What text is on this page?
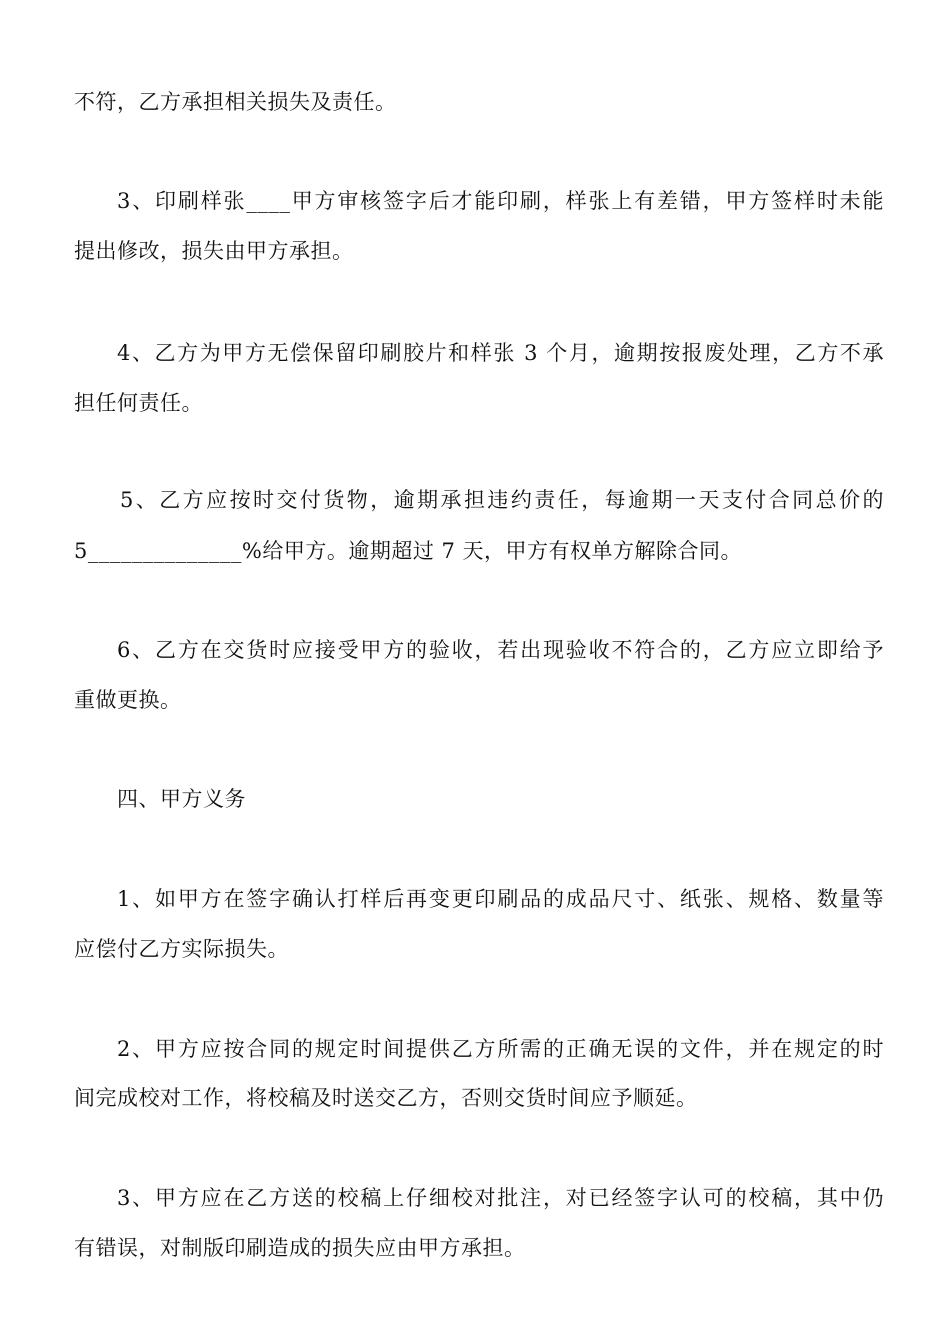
不符，乙方承担相关损失及责任。
3、印刷样张____甲方审核签字后才能印刷，样张上有差错，甲方签样时未能
提出修改，损失由甲方承担。
4、乙方为甲方无偿保留印刷胶片和样张 3 个月，逾期按报废处理，乙方不承
担任何责任。
5、乙方应按时交付货物，逾期承担违约责任，每逾期一天支付合同总价的
5______________%给甲方。逾期超过 7 天，甲方有权单方解除合同。
6、乙方在交货时应接受甲方的验收，若出现验收不符合的，乙方应立即给予
重做更换。
四、甲方义务
1、如甲方在签字确认打样后再变更印刷品的成品尺寸、纸张、规格、数量等
应偿付乙方实际损失。
2、甲方应按合同的规定时间提供乙方所需的正确无误的文件，并在规定的时
间完成校对工作，将校稿及时送交乙方，否则交货时间应予顺延。
3、甲方应在乙方送的校稿上仔细校对批注，对已经签字认可的校稿，其中仍
有错误，对制版印刷造成的损失应由甲方承担。
